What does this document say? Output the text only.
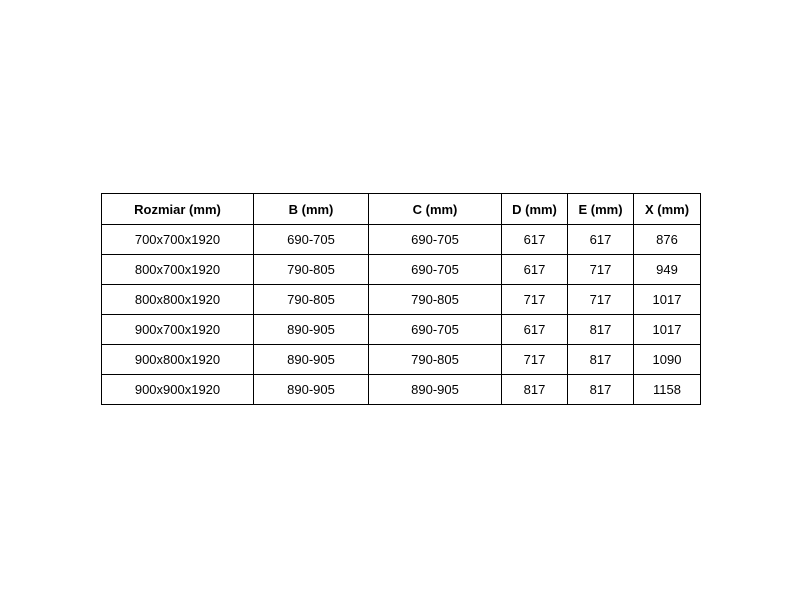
Rozmiar (mm)	B (mm)	C (mm)	D (mm)	E (mm)	X (mm)
700x700x1920	690-705	690-705	617	617	876
800x700x1920	790-805	690-705	617	717	949
800x800x1920	790-805	790-805	717	717	1017
900x700x1920	890-905	690-705	617	817	1017
900x800x1920	890-905	790-805	717	817	1090
900x900x1920	890-905	890-905	817	817	1158
